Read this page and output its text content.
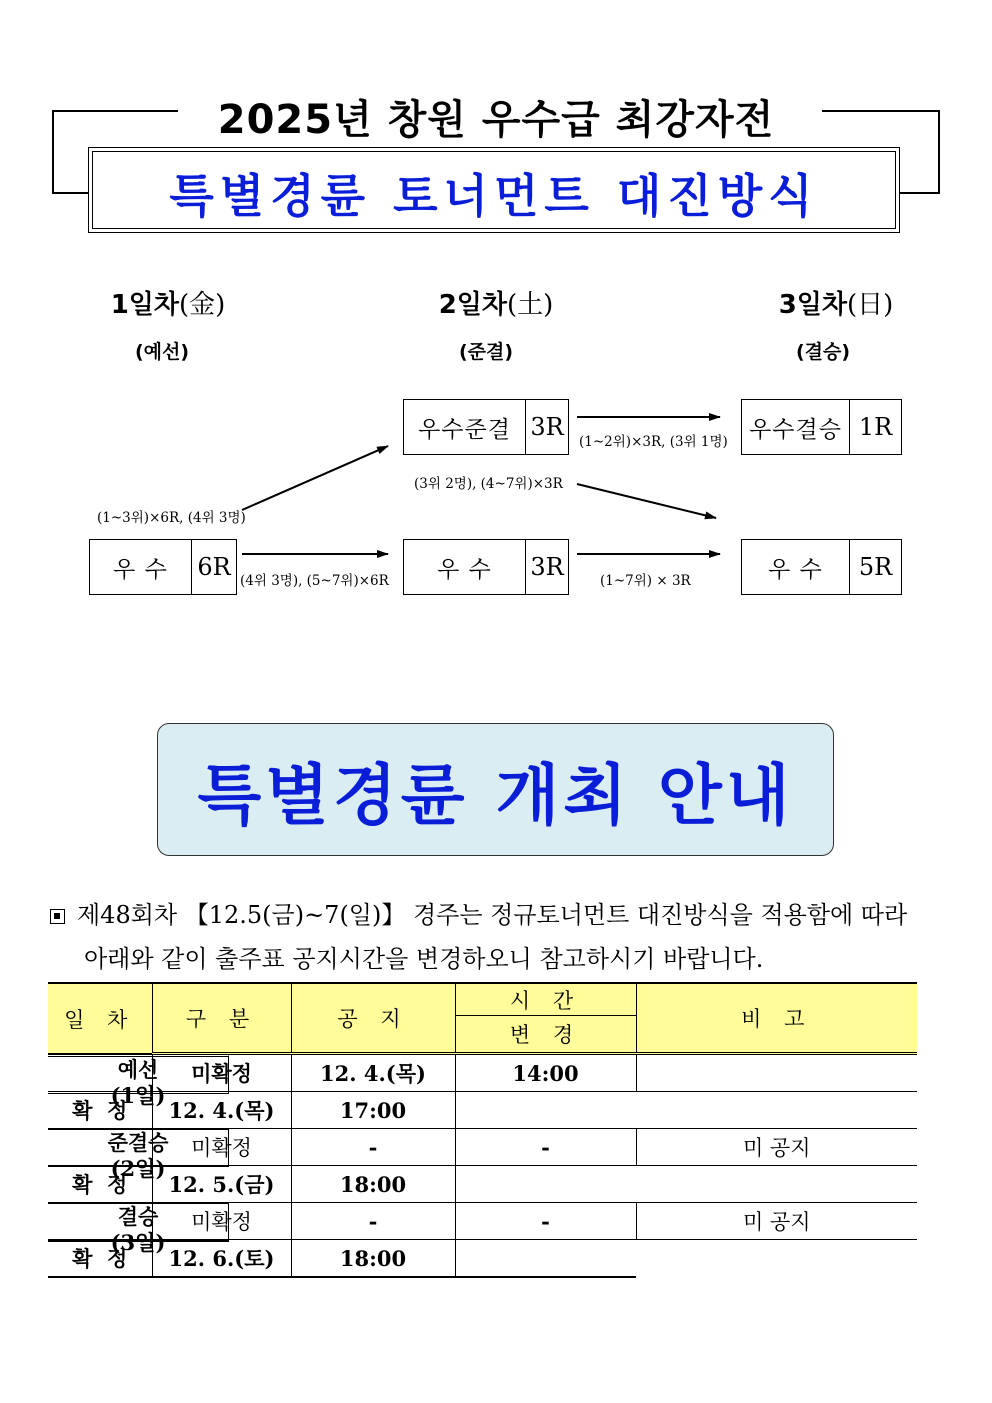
2025년 창원 우수급 최강자전
특별경륜 토너먼트 대진방식
1일차(金)
(예선)
2일차(土)
(준결)
3일차(日)
(결승)
우 수	6R
우수준결 3R
우 수	3R
우수결승 1R
우 수	5R
(1~3위)×6R, (4위 3명)
(4위 3명), (5~7위)×6R
(1~2위)×3R, (3위 1명)
(3위 2명), (4~7위)×3R
(1~7위) × 3R
특별경륜 개최 안내
제48회차 【12.5(금)~7(일)】 경주는 정규토너먼트 대진방식을 적용함에 따라
아래와 같이 출주표 공지시간을 변경하오니 참고하시기 바랍니다.
일 차	구 분	공 지	시 간	비 고
			변 경	

예선
(1일)
미확정	12. 4.(목)	14:00	
확  정	12. 4.(목)	17:00		

준결승
(2일)
미확정	-	-	미 공지
확  정	12. 5.(금)	18:00		

결승
(3일)
미확정	-	-	미 공지
확  정	12. 6.(토)	18:00		
